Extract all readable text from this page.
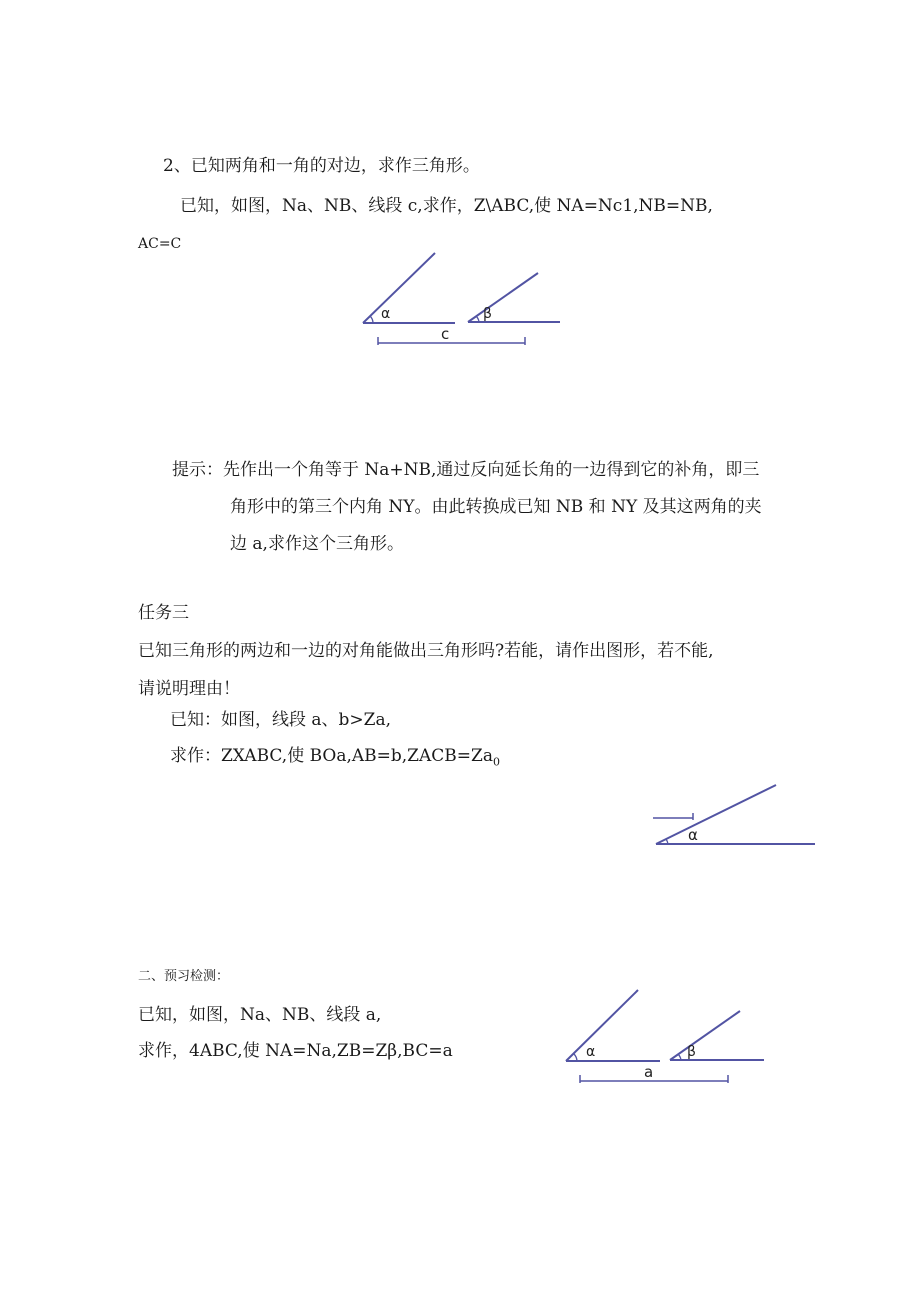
2、已知两角和一角的对边，求作三角形。
已知，如图，Na、NB、线段 c,求作，Z\ABC,使 NA=Nc1,NB=NB,
AC=C
α	β
c
提示：先作出一个角等于 Na+NB,通过反向延长角的一边得到它的补角，即三
角形中的第三个内角 NY。由此转换成已知 NB 和 NY 及其这两角的夹
边 a,求作这个三角形。
任务三
已知三角形的两边和一边的对角能做出三角形吗?若能，请作出图形，若不能,
请说明理由！
已知：如图，线段 a、b>Za,
求作：ZXABC,使 $BOa,AB=b,ZACB=Za_0$
α
二、预习检测：
已知，如图，Na、NB、线段 a,
求作，4ABC,使 NA=Na,ZB=Zβ,BC=a	α	β
a
